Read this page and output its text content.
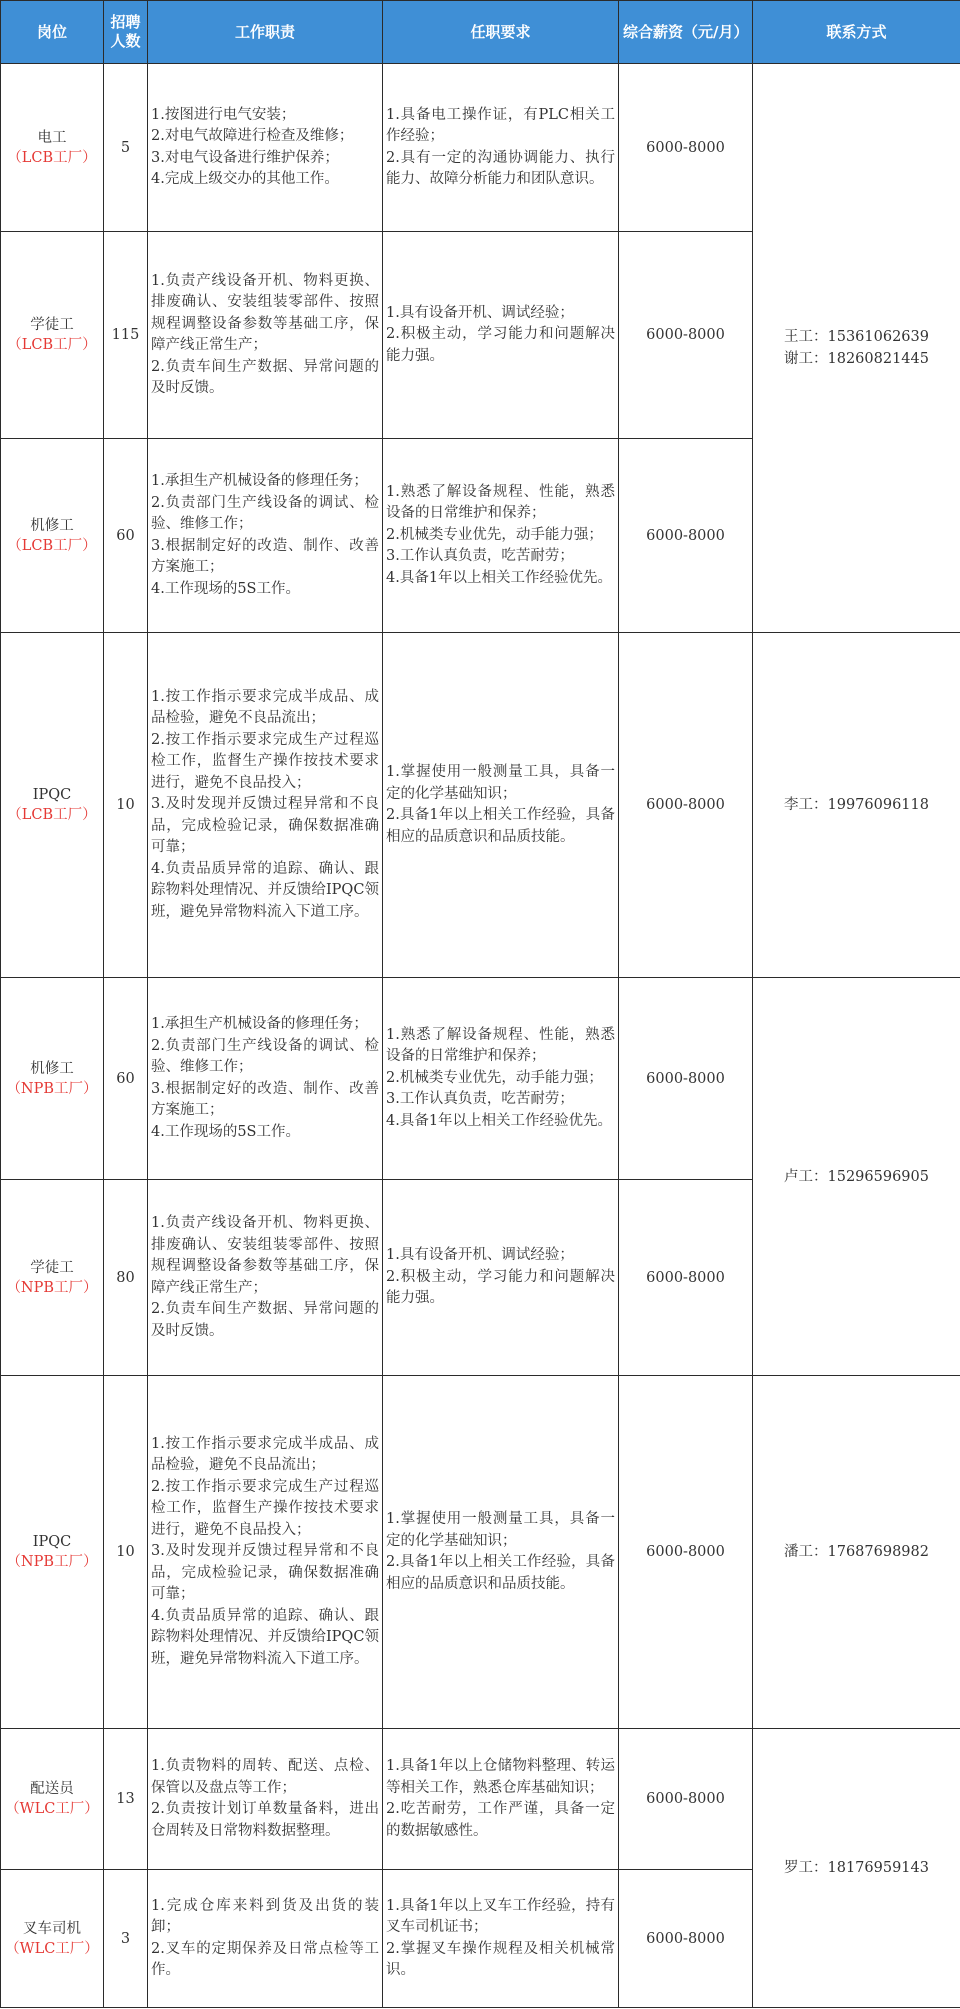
岗位	招聘人数	工作职责	任职要求	综合薪资（元/月）	联系方式

电工
（LCB工厂）	5	1.按图进行电气安装；
2.对电气故障进行检查及维修；
3.对电气设备进行维护保养；
4.完成上级交办的其他工作。	1.具备电工操作证，有PLC相关工作经验；
2.具有一定的沟通协调能力、执行能力、故障分析能力和团队意识。	6000-8000	王工：15361062639
谢工：18260821445

学徒工
（LCB工厂）	115	1.负责产线设备开机、物料更换、排废确认、安装组装零部件、按照规程调整设备参数等基础工序，保障产线正常生产；
2.负责车间生产数据、异常问题的及时反馈。	1.具有设备开机、调试经验；
2.积极主动，学习能力和问题解决能力强。	6000-8000	

机修工
（LCB工厂）	60	1.承担生产机械设备的修理任务；
2.负责部门生产线设备的调试、检验、维修工作；
3.根据制定好的改造、制作、改善方案施工；
4.工作现场的5S工作。	1.熟悉了解设备规程、性能，熟悉设备的日常维护和保养；
2.机械类专业优先，动手能力强；
3.工作认真负责，吃苦耐劳；
4.具备1年以上相关工作经验优先。	6000-8000	

IPQC
（LCB工厂）	10	1.按工作指示要求完成半成品、成品检验，避免不良品流出；
2.按工作指示要求完成生产过程巡检工作，监督生产操作按技术要求进行，避免不良品投入；
3.及时发现并反馈过程异常和不良品，完成检验记录，确保数据准确可靠；
4.负责品质异常的追踪、确认、跟踪物料处理情况、并反馈给IPQC领班，避免异常物料流入下道工序。	1.掌握使用一般测量工具，具备一定的化学基础知识；
2.具备1年以上相关工作经验，具备相应的品质意识和品质技能。	6000-8000	李工：19976096118

机修工
（NPB工厂）	60	1.承担生产机械设备的修理任务；
2.负责部门生产线设备的调试、检验、维修工作；
3.根据制定好的改造、制作、改善方案施工；
4.工作现场的5S工作。	1.熟悉了解设备规程、性能，熟悉设备的日常维护和保养；
2.机械类专业优先，动手能力强；
3.工作认真负责，吃苦耐劳；
4.具备1年以上相关工作经验优先。	6000-8000	卢工：15296596905

学徒工
（NPB工厂）	80	1.负责产线设备开机、物料更换、排废确认、安装组装零部件、按照规程调整设备参数等基础工序，保障产线正常生产；
2.负责车间生产数据、异常问题的及时反馈。	1.具有设备开机、调试经验；
2.积极主动，学习能力和问题解决能力强。	6000-8000	

IPQC
（NPB工厂）	10	1.按工作指示要求完成半成品、成品检验，避免不良品流出；
2.按工作指示要求完成生产过程巡检工作，监督生产操作按技术要求进行，避免不良品投入；
3.及时发现并反馈过程异常和不良品，完成检验记录，确保数据准确可靠；
4.负责品质异常的追踪、确认、跟踪物料处理情况、并反馈给IPQC领班，避免异常物料流入下道工序。	1.掌握使用一般测量工具，具备一定的化学基础知识；
2.具备1年以上相关工作经验，具备相应的品质意识和品质技能。	6000-8000	潘工：17687698982

配送员
（WLC工厂）	13	1.负责物料的周转、配送、点检、保管以及盘点等工作；
2.负责按计划订单数量备料，进出仓周转及日常物料数据整理。	1.具备1年以上仓储物料整理、转运等相关工作，熟悉仓库基础知识；
2.吃苦耐劳，工作严谨，具备一定的数据敏感性。	6000-8000	罗工：18176959143

叉车司机
（WLC工厂）	3	1.完成仓库来料到货及出货的装卸；
2.叉车的定期保养及日常点检等工作。	1.具备1年以上叉车工作经验，持有叉车司机证书；
2.掌握叉车操作规程及相关机械常识。	6000-8000	
